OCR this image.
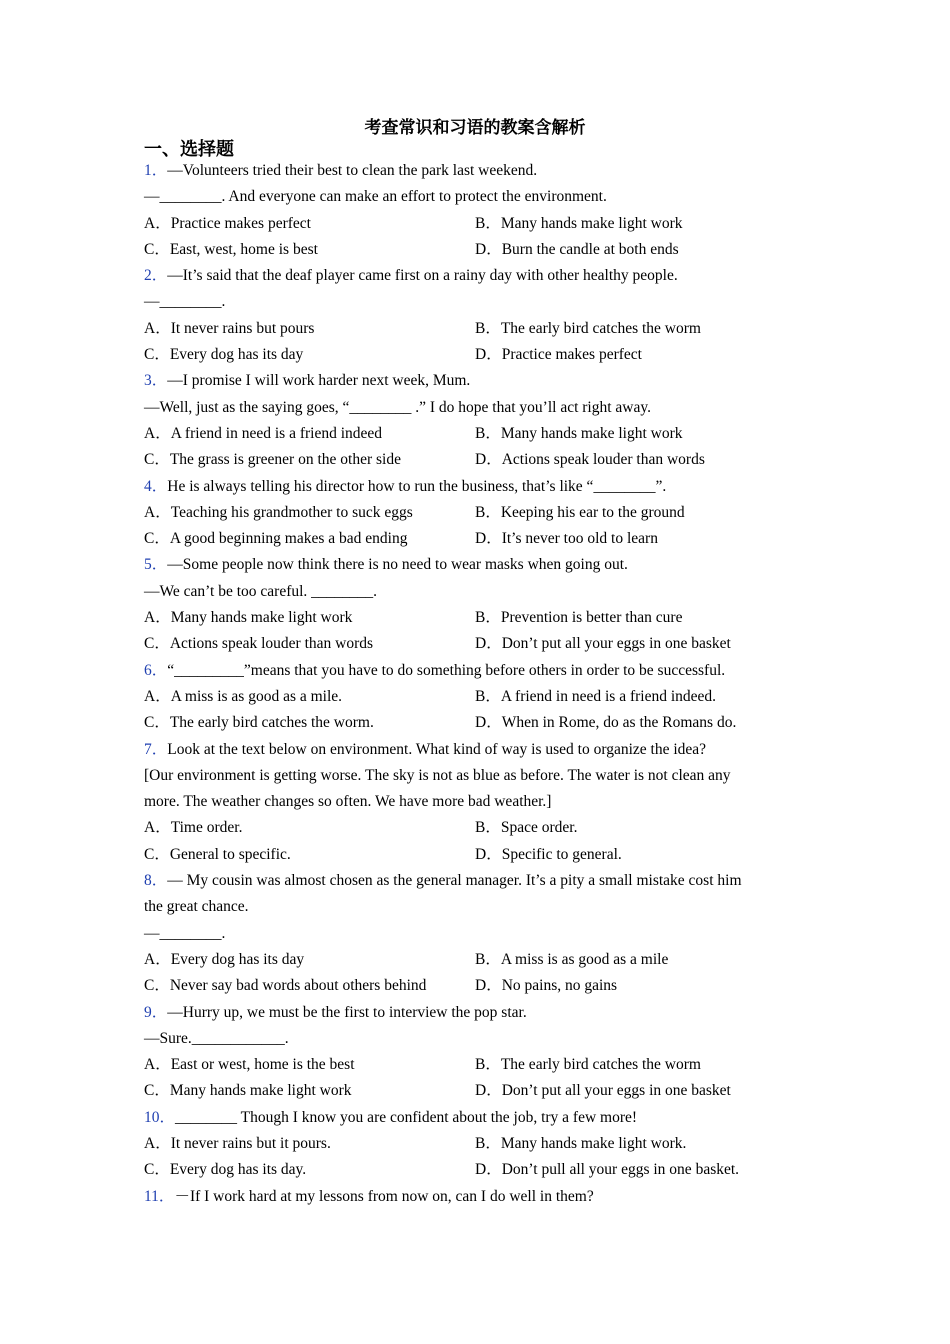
考查常识和习语的教案含解析
一、选择题
1．—Volunteers tried their best to clean the park last weekend.
—________. And everyone can make an effort to protect the environment.
A．Practice makes perfect	B．Many hands make light work
C．East, west, home is best	D．Burn the candle at both ends
2．—It’s said that the deaf player came first on a rainy day with other healthy people.
—________.
A．It never rains but pours	B．The early bird catches the worm
C．Every dog has its day	D．Practice makes perfect
3．—I promise I will work harder next week, Mum.
—Well, just as the saying goes, “________ .” I do hope that you’ll act right away.
A．A friend in need is a friend indeed	B．Many hands make light work
C．The grass is greener on the other side	D．Actions speak louder than words
4．He is always telling his director how to run the business, that’s like “________”.
A．Teaching his grandmother to suck eggs	B．Keeping his ear to the ground
C．A good beginning makes a bad ending	D．It’s never too old to learn
5．—Some people now think there is no need to wear masks when going out.
—We can’t be too careful. ________.
A．Many hands make light work	B．Prevention is better than cure
C．Actions speak louder than words	D．Don’t put all your eggs in one basket
6．“_________”means that you have to do something before others in order to be successful.
A．A miss is as good as a mile.	B．A friend in need is a friend indeed.
C．The early bird catches the worm.	D．When in Rome, do as the Romans do.
7．Look at the text below on environment. What kind of way is used to organize the idea?
[Our environment is getting worse. The sky is not as blue as before. The water is not clean any
more. The weather changes so often. We have more bad weather.]
A．Time order.	B．Space order.
C．General to specific.	D．Specific to general.
8．— My cousin was almost chosen as the general manager. It’s a pity a small mistake cost him
the great chance.
—________.
A．Every dog has its day	B．A miss is as good as a mile
C．Never say bad words about others behind	D．No pains, no gains
9．—Hurry up, we must be the first to interview the pop star.
—Sure.____________.
A．East or west, home is the best	B．The early bird catches the worm
C．Many hands make light work	D．Don’t put all your eggs in one basket
10．________ Though I know you are confident about the job, try a few more!
A．It never rains but it pours.	B．Many hands make light work.
C．Every dog has its day.	D．Don’t pull all your eggs in one basket.
11．－If I work hard at my lessons from now on, can I do well in them?
